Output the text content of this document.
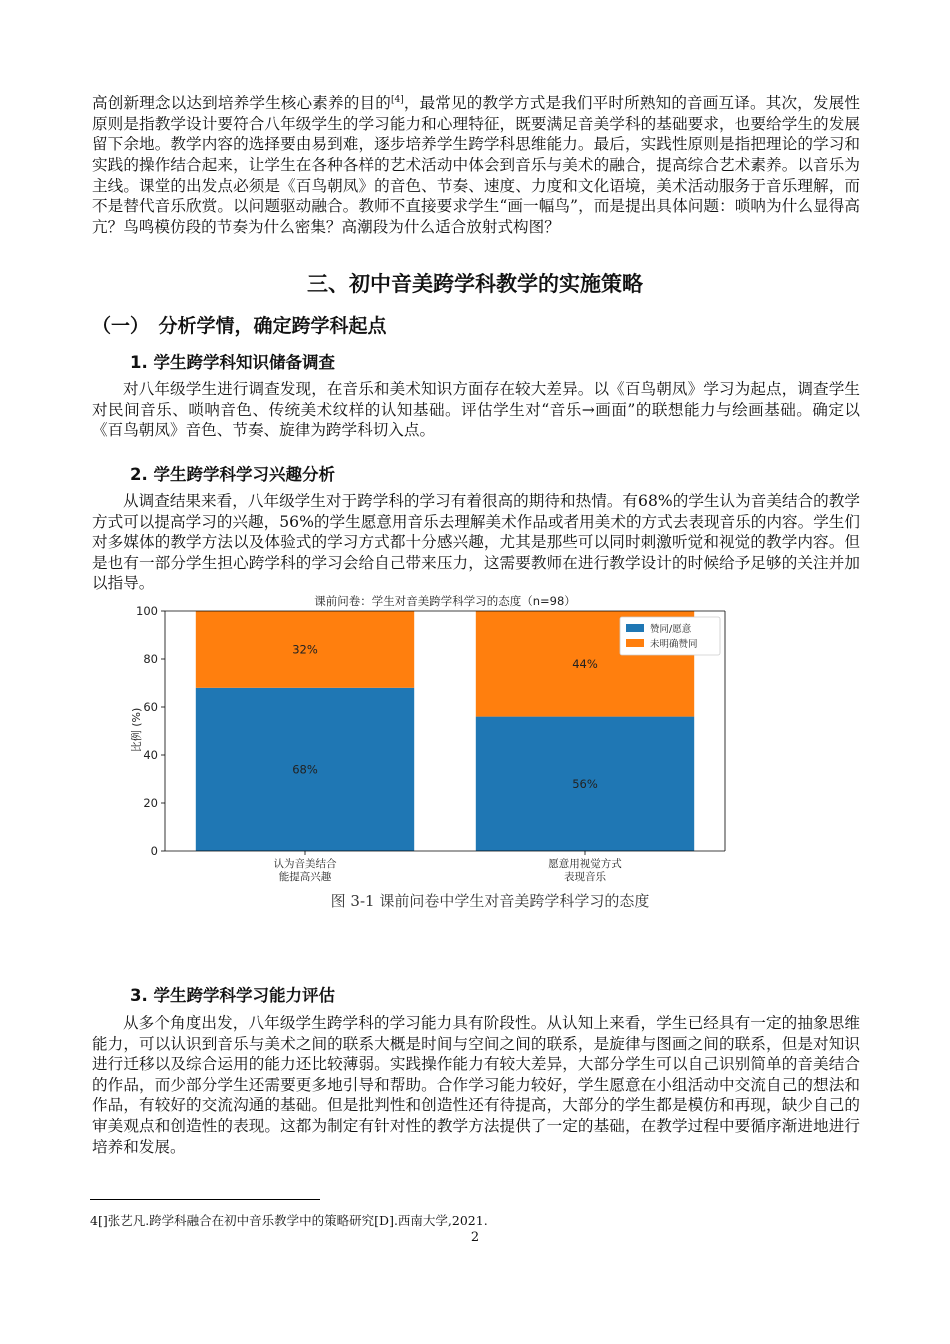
高创新理念以达到培养学生核心素养的目的[4]，最常见的教学方式是我们平时所熟知的音画互译。其次，发展性原则是指教学设计要符合八年级学生的学习能力和心理特征，既要满足音美学科的基础要求，也要给学生的发展留下余地。教学内容的选择要由易到难，逐步培养学生跨学科思维能力。最后，实践性原则是指把理论的学习和实践的操作结合起来，让学生在各种各样的艺术活动中体会到音乐与美术的融合，提高综合艺术素养。以音乐为主线。课堂的出发点必须是《百鸟朝凤》的音色、节奏、速度、力度和文化语境，美术活动服务于音乐理解，而不是替代音乐欣赏。以问题驱动融合。教师不直接要求学生“画一幅鸟”，而是提出具体问题：唢呐为什么显得高亢？鸟鸣模仿段的节奏为什么密集？高潮段为什么适合放射式构图？

三、初中音美跨学科教学的实施策略

（一）　分析学情，确定跨学科起点

1. 学生跨学科知识储备调查

对八年级学生进行调查发现，在音乐和美术知识方面存在较大差异。以《百鸟朝凤》学习为起点，调查学生对民间音乐、唢呐音色、传统美术纹样的认知基础。评估学生对“音乐→画面”的联想能力与绘画基础。确定以《百鸟朝凤》音色、节奏、旋律为跨学科切入点。

2. 学生跨学科学习兴趣分析

从调查结果来看，八年级学生对于跨学科的学习有着很高的期待和热情。有68%的学生认为音美结合的教学方式可以提高学习的兴趣，56%的学生愿意用音乐去理解美术作品或者用美术的方式去表现音乐的内容。学生们对多媒体的教学方法以及体验式的学习方式都十分感兴趣，尤其是那些可以同时刺激听觉和视觉的教学内容。但是也有一部分学生担心跨学科的学习会给自己带来压力，这需要教师在进行教学设计的时候给予足够的关注并加以指导。

课前问卷：学生对音美跨学科学习的态度（n=98）
68%
32%
56%
44%
0
20
40
60
80
100
认为音美结合能提高兴趣
愿意用视觉方式表现音乐
比例 (%)
赞同/愿意
未明确赞同

图 3-1 课前问卷中学生对音美跨学科学习的态度

3. 学生跨学科学习能力评估

从多个角度出发，八年级学生跨学科的学习能力具有阶段性。从认知上来看，学生已经具有一定的抽象思维能力，可以认识到音乐与美术之间的联系大概是时间与空间之间的联系，是旋律与图画之间的联系，但是对知识进行迁移以及综合运用的能力还比较薄弱。实践操作能力有较大差异，大部分学生可以自己识别简单的音美结合的作品，而少部分学生还需要更多地引导和帮助。合作学习能力较好，学生愿意在小组活动中交流自己的想法和作品，有较好的交流沟通的基础。但是批判性和创造性还有待提高，大部分的学生都是模仿和再现，缺少自己的审美观点和创造性的表现。这都为制定有针对性的教学方法提供了一定的基础，在教学过程中要循序渐进地进行培养和发展。

4[]张艺凡.跨学科融合在初中音乐教学中的策略研究[D].西南大学,2021.

2
